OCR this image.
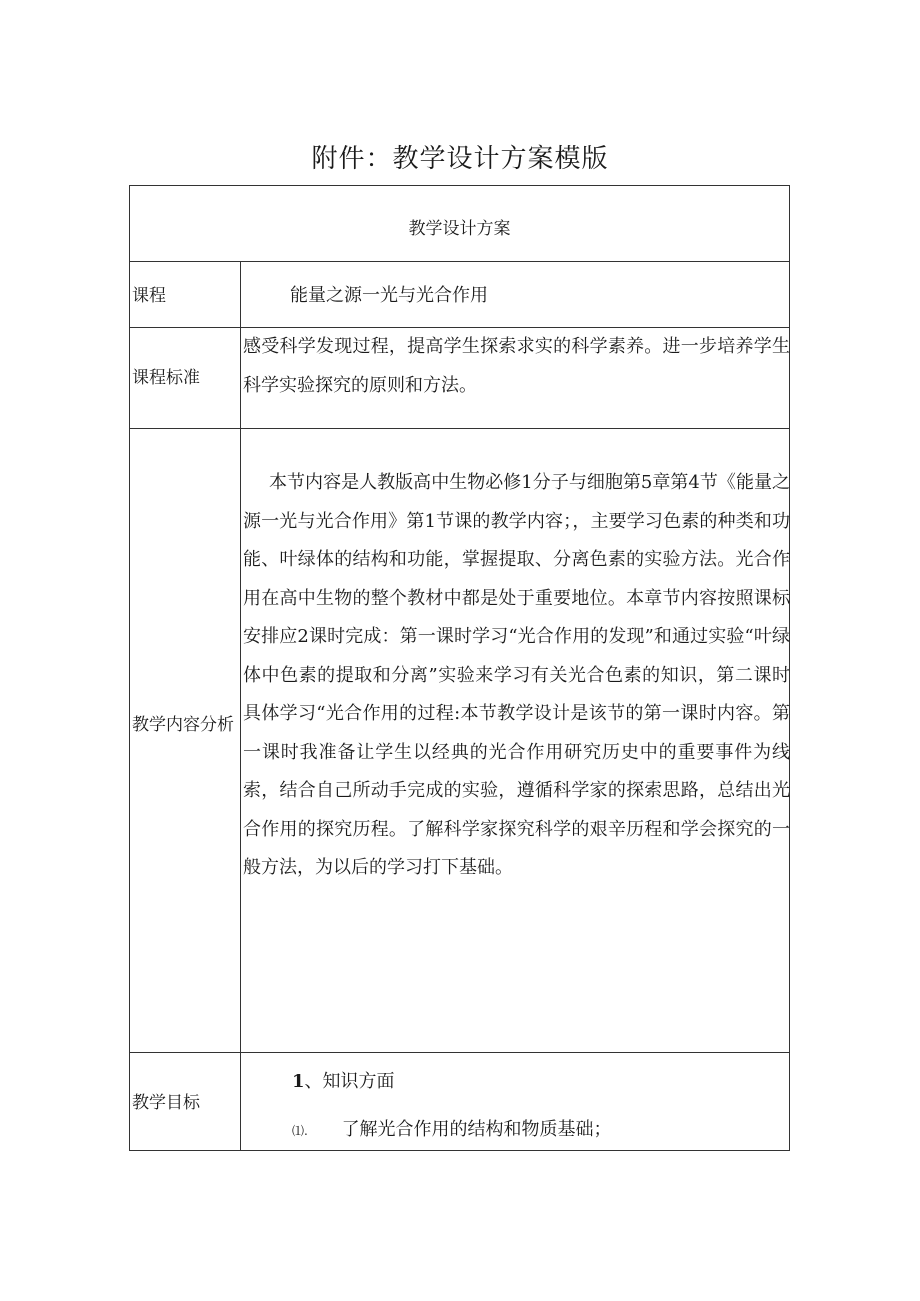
附件：教学设计方案模版
教学设计方案
课程	能量之源一光与光合作用
课程标准
感受科学发现过程，提高学生探索求实的科学素养。进一步培养学生科学实验探究的原则和方法。
教学内容分析
本节内容是人教版高中生物必修1分子与细胞第5章第4节《能量之源一光与光合作用》第1节课的教学内容；，主要学习色素的种类和功能、叶绿体的结构和功能，掌握提取、分离色素的实验方法。光合作用在高中生物的整个教材中都是处于重要地位。本章节内容按照课标安排应2课时完成：第一课时学习“光合作用的发现”和通过实验“叶绿体中色素的提取和分离”实验来学习有关光合色素的知识，第二课时具体学习“光合作用的过程:本节教学设计是该节的第一课时内容。第一课时我准备让学生以经典的光合作用研究历史中的重要事件为线索，结合自己所动手完成的实验，遵循科学家的探索思路，总结出光合作用的探究历程。了解科学家探究科学的艰辛历程和学会探究的一般方法，为以后的学习打下基础。
教学目标
1、知识方面
⑴. 了解光合作用的结构和物质基础；
